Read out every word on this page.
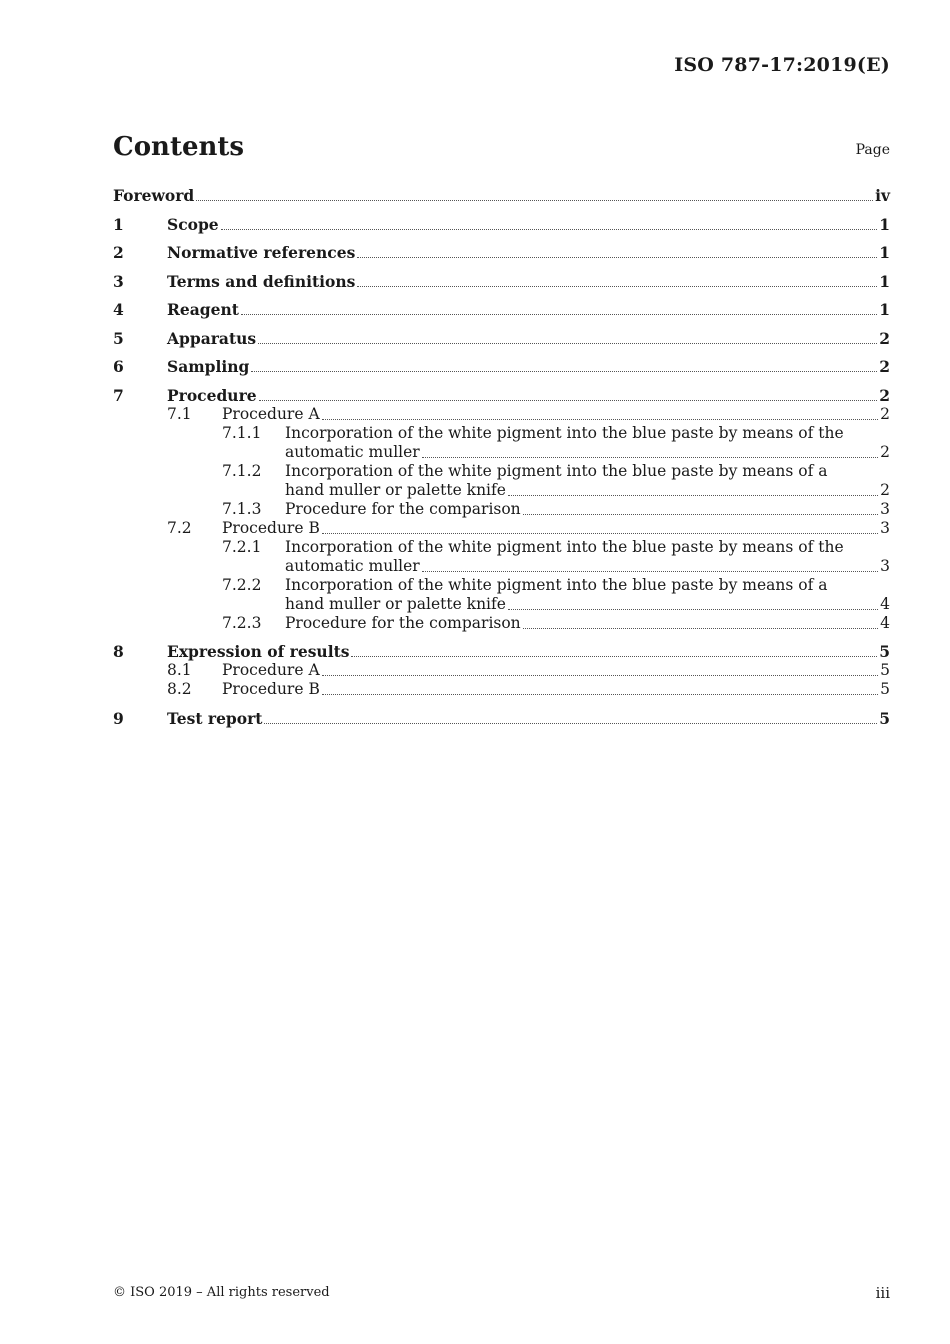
ISO 787-17:2019(E)
Contents	Page
Foreword	iv
1	Scope	1
2	Normative references	1
3	Terms and definitions	1
4	Reagent	1
5	Apparatus	2
6	Sampling	2
7	Procedure	2
7.1 Procedure A	2
7.1.1 Incorporation of the white pigment into the blue paste by means of the
automatic muller	2
7.1.2 Incorporation of the white pigment into the blue paste by means of a
hand muller or palette knife	2
7.1.3 Procedure for the comparison	3
7.2 Procedure B	3
7.2.1 Incorporation of the white pigment into the blue paste by means of the
automatic muller	3
7.2.2 Incorporation of the white pigment into the blue paste by means of a
hand muller or palette knife	4
7.2.3 Procedure for the comparison	4
8	Expression of results	5
8.1 Procedure A	5
8.2 Procedure B	5
9	Test report	5
© ISO 2019 – All rights reserved	iii
